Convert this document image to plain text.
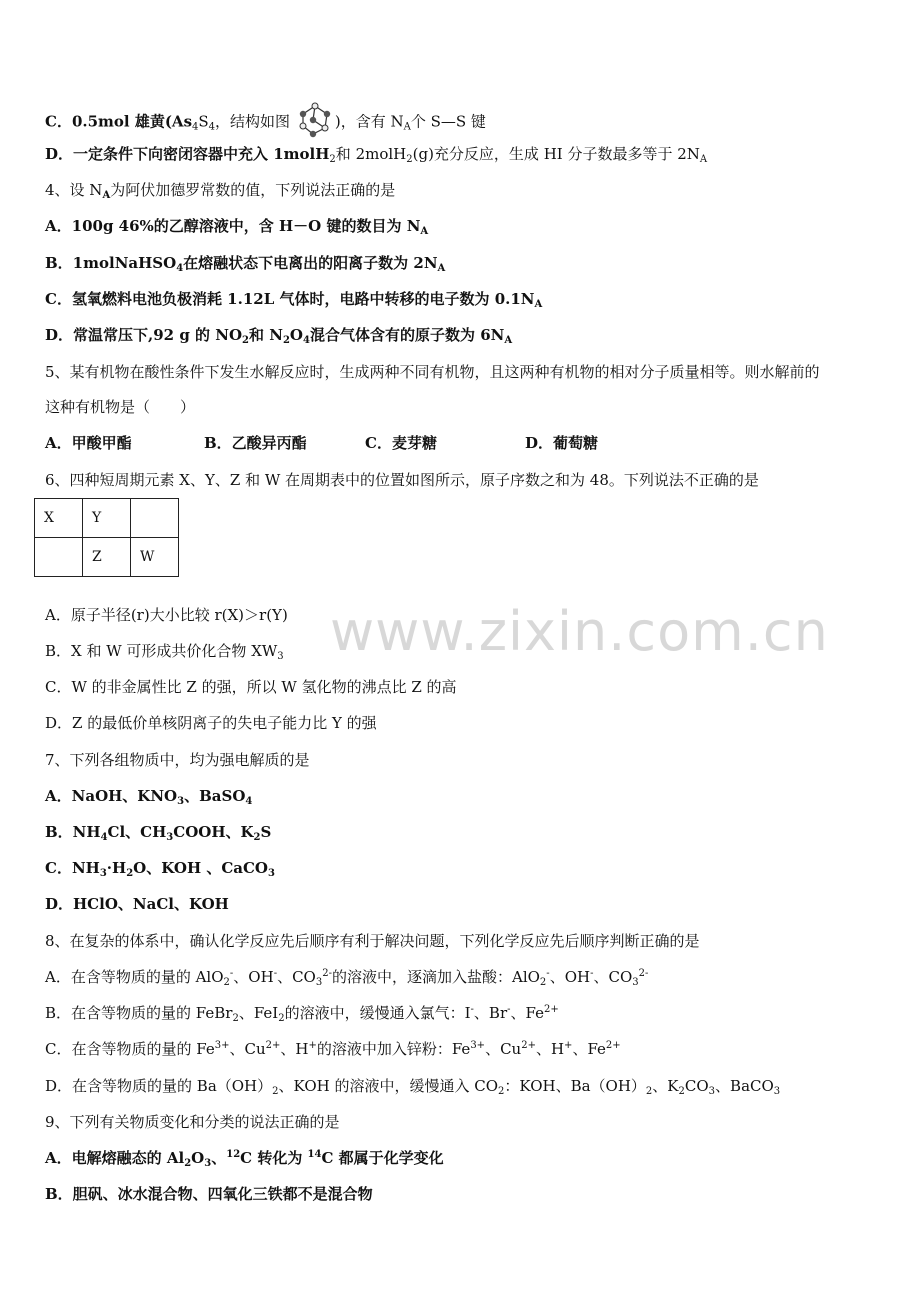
www.zixin.com.cn
C．0.5mol 雄黄($As_4S_4$，结构如图	)，含有 $N_A$个 S—S 键
D．一定条件下向密闭容器中充入 1molH$_2$和 2molH$_2$(g)充分反应，生成 HI 分子数最多等于 $2N_A$
4、设 $N_A$为阿伏加德罗常数的值，下列说法正确的是
A．100g 46%的乙醇溶液中，含 H－O 键的数目为 $N_A$
B．1molNaHSO$_4$在熔融状态下电离出的阳离子数为 $2N_A$
C．氢氧燃料电池负极消耗 1.12L 气体时，电路中转移的电子数为 $0.1N_A$
D．常温常压下,92 g 的 $NO_2$和 $N_2O_4$混合气体含有的原子数为 $6N_A$
5、某有机物在酸性条件下发生水解反应时，生成两种不同有机物，且这两种有机物的相对分子质量相等。则水解前的
这种有机物是（　　）
A．甲酸甲酯	B．乙酸异丙酯	C．麦芽糖	D．葡萄糖
6、四种短周期元素 X、Y、Z 和 W 在周期表中的位置如图所示，原子序数之和为 48。下列说法不正确的是
X	Y	
	Z	W
A．原子半径(r)大小比较 r(X)＞r(Y)
B．X 和 W 可形成共价化合物 $XW_3$
C．W 的非金属性比 Z 的强，所以 W 氢化物的沸点比 Z 的高
D．Z 的最低价单核阴离子的失电子能力比 Y 的强
7、下列各组物质中，均为强电解质的是
A．NaOH、$KNO_3$、BaSO$_4$
B．$NH_4Cl$、$CH_3COOH$、$K_2S$
C．$NH_3\cdot H_2O$、KOH 、CaCO$_3$
D．HClO、NaCl、KOH
8、在复杂的体系中，确认化学反应先后顺序有利于解决问题，下列化学反应先后顺序判断正确的是
A．在含等物质的量的 AlO$_2$-、OH-、$CO_3^{2-}$的溶液中，逐滴加入盐酸：AlO$_2$-、OH-、$CO_3^{2-}$
B．在含等物质的量的 FeBr$_2$、FeI$_2$的溶液中，缓慢通入氯气：I-、Br-、$Fe^{2+}$
C．在含等物质的量的 $Fe^{3+}$、$Cu^{2+}$、H+的溶液中加入锌粉：$Fe^{3+}$、$Cu^{2+}$、H+、$Fe^{2+}$
D．在含等物质的量的 $Ba(OH)_2$、KOH 的溶液中，缓慢通入 $CO_2$：KOH、$Ba(OH)_2$、$K_2CO_3$、BaCO$_3$
9、下列有关物质变化和分类的说法正确的是
A．电解熔融态的 $Al_2O_3$、$^{12}$C 转化为 $^{14}$C 都属于化学变化
B．胆矾、冰水混合物、四氧化三铁都不是混合物
